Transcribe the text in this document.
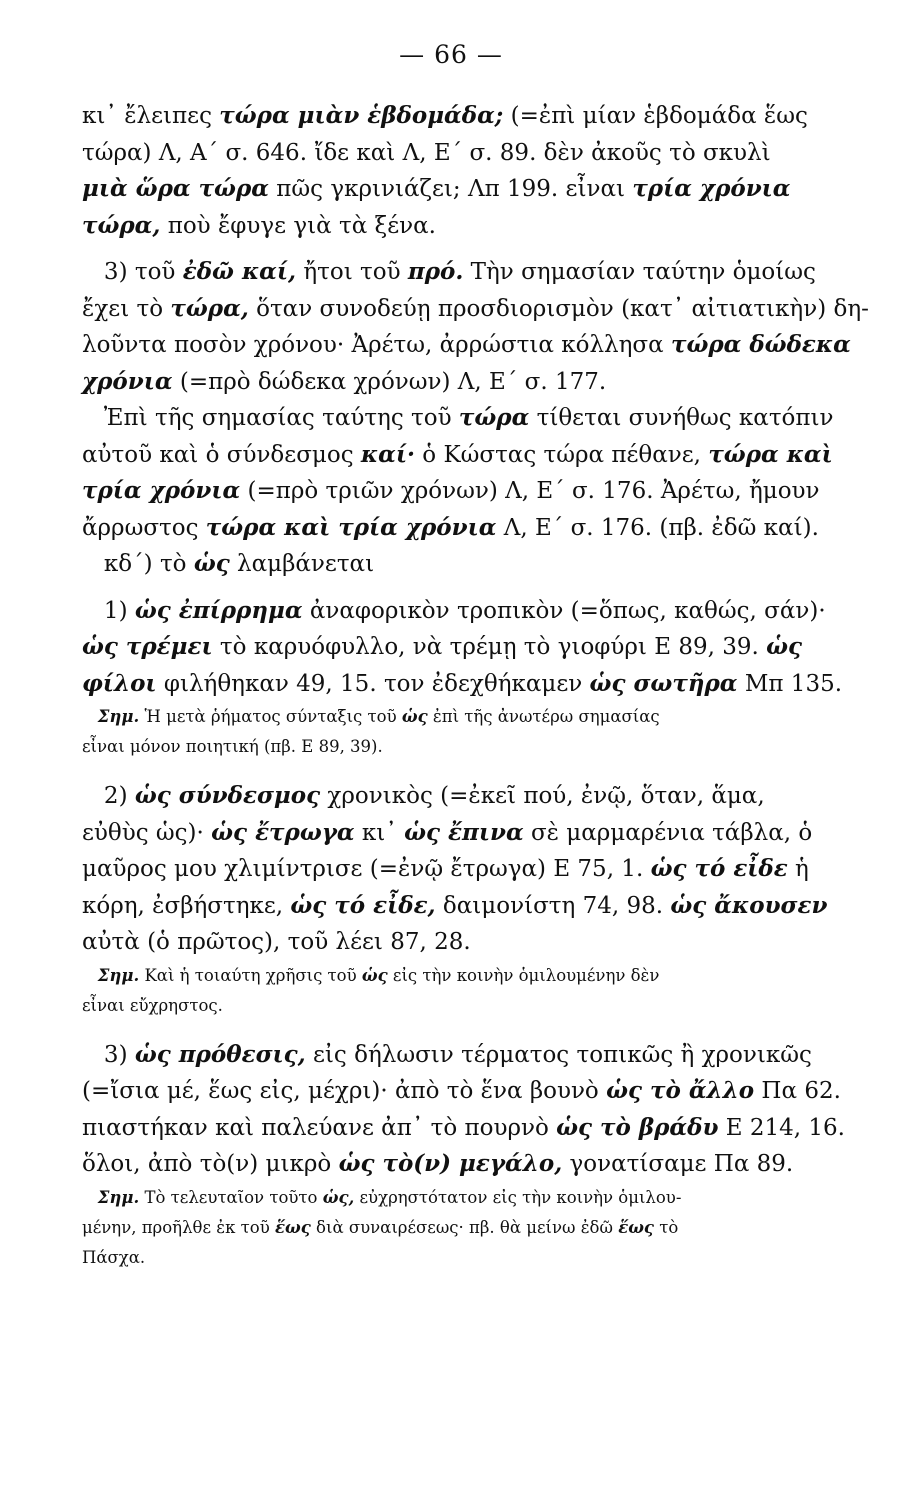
— 66 —
κι᾽ ἔλειπες τώρα μιὰν ἑβδομάδα; (=ἐπὶ μίαν ἑβδομάδα ἕως
τώρα) Λ, Α΄ σ. 646. ἴδε καὶ Λ, Ε΄ σ. 89. δὲν ἀκοῦς τὸ σκυλὶ
μιὰ ὥρα τώρα πῶς γκρινιάζει; Λπ 199. εἶναι τρία χρόνια
τώρα, ποὺ ἔφυγε γιὰ τὰ ξένα.
3) τοῦ ἐδῶ καί, ἤτοι τοῦ πρό. Τὴν σημασίαν ταύτην ὁμοίως
ἔχει τὸ τώρα, ὅταν συνοδεύῃ προσδιορισμὸν (κατ᾽ αἰτιατικὴν) δη-
λοῦντα ποσὸν χρόνου· Ἀρέτω, ἀρρώστια κόλλησα τώρα δώδεκα
χρόνια (=πρὸ δώδεκα χρόνων) Λ, Ε΄ σ. 177.
Ἐπὶ τῆς σημασίας ταύτης τοῦ τώρα τίθεται συνήθως κατόπιν
αὐτοῦ καὶ ὁ σύνδεσμος καί· ὁ Κώστας τώρα πέθανε, τώρα καὶ
τρία χρόνια (=πρὸ τριῶν χρόνων) Λ, Ε΄ σ. 176. Ἀρέτω, ἤμουν
ἄρρωστος τώρα καὶ τρία χρόνια Λ, Ε΄ σ. 176. (πβ. ἐδῶ καί).
κδ΄) τὸ ὡς λαμβάνεται
1) ὡς ἐπίρρημα ἀναφορικὸν τροπικὸν (=ὅπως, καθώς, σάν)·
ὡς τρέμει τὸ καρυόφυλλο, νὰ τρέμῃ τὸ γιοφύρι Ε 89, 39. ὡς
φίλοι φιλήθηκαν 49, 15. τον ἐδεχθήκαμεν ὡς σωτῆρα Μπ 135.
Σημ. Ἡ μετὰ ῥήματος σύνταξις τοῦ ὡς ἐπὶ τῆς ἀνωτέρω σημασίας
εἶναι μόνον ποιητική (πβ. Ε 89, 39).
2) ὡς σύνδεσμος χρονικὸς (=ἐκεῖ πού, ἐνῷ, ὅταν, ἅμα,
εὐθὺς ὡς)· ὡς ἔτρωγα κι᾽ ὡς ἔπινα σὲ μαρμαρένια τάβλα, ὁ
μαῦρος μου χλιμίντρισε (=ἐνῷ ἔτρωγα) Ε 75, 1. ὡς τό εἶδε ἡ
κόρη, ἐσβήστηκε, ὡς τό εἶδε, δαιμονίστη 74, 98. ὡς ἄκουσεν
αὐτὰ (ὁ πρῶτος), τοῦ λέει 87, 28.
Σημ. Καὶ ἡ τοιαύτη χρῆσις τοῦ ὡς εἰς τὴν κοινὴν ὁμιλουμένην δὲν
εἶναι εὔχρηστος.
3) ὡς πρόθεσις, εἰς δήλωσιν τέρματος τοπικῶς ἢ χρονικῶς
(=ἴσια μέ, ἕως εἰς, μέχρι)· ἀπὸ τὸ ἕνα βουνὸ ὡς τὸ ἄλλο Πα 62.
πιαστήκαν καὶ παλεύανε ἀπ᾽ τὸ πουρνὸ ὡς τὸ βράδυ Ε 214, 16.
ὅλοι, ἀπὸ τὸ(ν) μικρὸ ὡς τὸ(ν) μεγάλο, γονατίσαμε Πα 89.
Σημ. Τὸ τελευταῖον τοῦτο ὡς, εὐχρηστότατον εἰς τὴν κοινὴν ὁμιλου-
μένην, προῆλθε ἐκ τοῦ ἕως διὰ συναιρέσεως· πβ. θὰ μείνω ἐδῶ ἕως τὸ
Πάσχα.
